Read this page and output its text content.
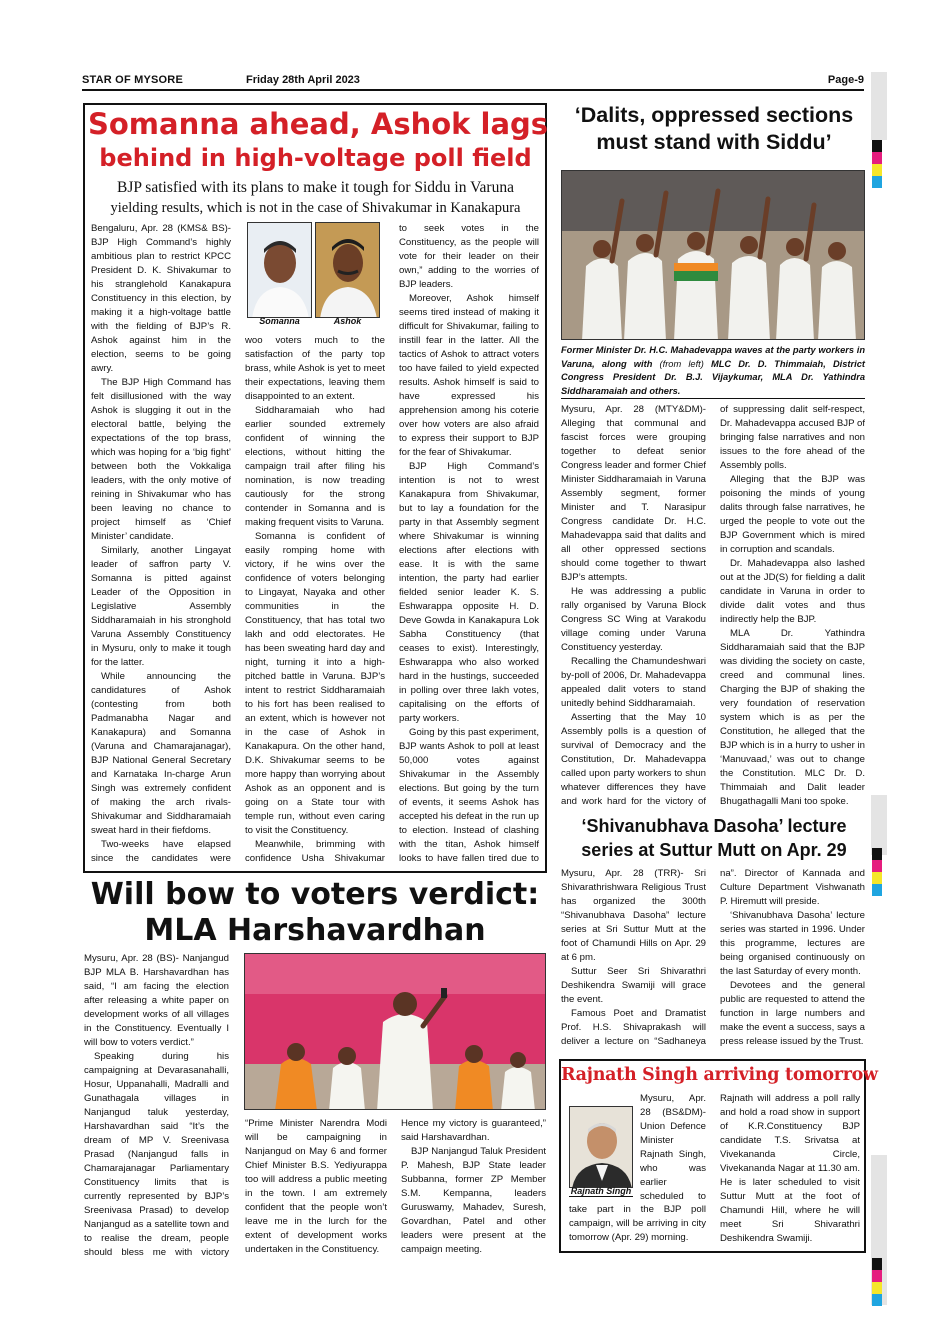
STAR OF MYSORE	Friday 28th April 2023	Page-9
Somanna ahead, Ashok lags
behind in high-voltage poll field
BJP satisfied with its plans to make it tough for Siddu in Varuna
yielding results, which is not in the case of Shivakumar in Kanakapura
Somanna	Ashok

Bengaluru, Apr. 28 (KMS& BS)- BJP High Command’s highly ambitious plan to restrict KPCC President D. K. Shivakumar to his stranglehold Kanakapura Constituency in this election, by making it a high-voltage battle with the fielding of BJP’s R. Ashok against him in the election, seems to be going awry.

The BJP High Command has felt disillusioned with the way Ashok is slugging it out in the electoral battle, belying the expectations of the top brass, which was hoping for a ‘big fight’ between both the Vokkaliga leaders, with the only motive of reining in Shivakumar who has been leaving no chance to project himself as ‘Chief Minister’ candidate.

Similarly, another Lingayat leader of saffron party V. Somanna is pitted against Leader of the Opposition in Legislative Assembly Siddharamaiah in his stronghold Varuna Assembly Constituency in Mysuru, only to make it tough for the latter.

While announcing the candidatures of Ashok (contesting from both Padmanabha Nagar and Kanakapura) and Somanna (Varuna and Chamarajanagar), BJP National General Secretary and Karnataka In-charge Arun Singh was extremely confident of making the arch rivals-Shivakumar and Siddharamaiah sweat hard in their fiefdoms.

Two-weeks have elapsed since the candidates were

woo voters much to the satisfaction of the party top brass, while Ashok is yet to meet their expectations, leaving them disappointed to an extent.

Siddharamaiah who had earlier sounded extremely confident of winning the elections, without hitting the campaign trail after filing his nomination, is now treading cautiously for the strong contender in Somanna and is making frequent visits to Varuna.

Somanna is confident of easily romping home with victory, if he wins over the confidence of voters belonging to Lingayat, Nayaka and other communities in the Constituency, that has total two lakh and odd electorates. He has been sweating hard day and night, turning it into a high-pitched battle in Varuna. BJP’s intent to restrict Siddharamaiah to his fort has been realised to an extent, which is however not in the case of Ashok in Kanakapura. On the other hand, D.K. Shivakumar seems to be more happy than worrying about Ashok as an opponent and is going on a State tour with temple run, without even caring to visit the Constituency.

Meanwhile, brimming with confidence Usha Shivakumar

to seek votes in the Constituency, as the people will vote for their leader on their own,” adding to the worries of BJP leaders.

Moreover, Ashok himself seems tired instead of making it difficult for Shivakumar, failing to instill fear in the latter. All the tactics of Ashok to attract voters too have failed to yield expected results. Ashok himself is said to have expressed his apprehension among his coterie over how voters are also afraid to express their support to BJP for the fear of Shivakumar.

BJP High Command’s intention is not to wrest Kanakapura from Shivakumar, but to lay a foundation for the party in that Assembly segment where Shivakumar is winning elections after elections with ease. It is with the same intention, the party had earlier fielded senior leader K. S. Eshwarappa opposite H. D. Deve Gowda in Kanakapura Lok Sabha Constituency (that ceases to exist). Interestingly, Eshwarappa who also worked hard in the hustings, succeeded in polling over three lakh votes, capitalising on the efforts of party workers.

Going by this past experiment, BJP wants Ashok to poll at least 50,000 votes against Shivakumar in the Assembly elections. But going by the turn of events, it seems Ashok has accepted his defeat in the run up to election. Instead of clashing with the titan, Ashok himself looks to have fallen tired due to

‘Dalits, oppressed sections
must stand with Siddu’
Former Minister Dr. H.C. Mahadevappa waves at the party workers in Varuna, along with (from left) MLC Dr. D. Thimmaiah, District Congress President Dr. B.J. Vijaykumar, MLA Dr. Yathindra Siddharamaiah and others.

Mysuru, Apr. 28 (MTY&DM)- Alleging that communal and fascist forces were grouping together to defeat senior Congress leader and former Chief Minister Siddharamaiah in Varuna Assembly segment, former Minister and T. Narasipur Congress candidate Dr. H.C. Mahadevappa said that dalits and all other oppressed sections should come together to thwart BJP’s attempts.

He was addressing a public rally organised by Varuna Block Congress SC Wing at Varakodu village coming under Varuna Constituency yesterday.

Recalling the Chamundeshwari by-poll of 2006, Dr. Mahadevappa appealed dalit voters to stand unitedly behind Siddharamaiah.

Asserting that the May 10 Assembly polls is a question of survival of Democracy and the Constitution, Dr. Mahadevappa called upon party workers to shun whatever differences they have and work hard for the victory of

of suppressing dalit self-respect, Dr. Mahadevappa accused BJP of bringing false narratives and non issues to the fore ahead of the Assembly polls.

Alleging that the BJP was poisoning the minds of young dalits through false narratives, he urged the people to vote out the BJP Government which is mired in corruption and scandals.

Dr. Mahadevappa also lashed out at the JD(S) for fielding a dalit candidate in Varuna in order to divide dalit votes and thus indirectly help the BJP.

MLA Dr. Yathindra Siddharamaiah said that the BJP was dividing the society on caste, creed and communal lines. Charging the BJP of shaking the very foundation of reservation system which is as per the Constitution, he alleged that the BJP which is in a hurry to usher in ‘Manuvaad,’ was out to change the Constitution. MLC Dr. D. Thimmaiah and Dalit leader Bhugathagalli Mani too spoke.

‘Shivanubhava Dasoha’ lecture
series at Suttur Mutt on Apr. 29

Mysuru, Apr. 28 (TRR)- Sri Shivarathrishwara Religious Trust has organized the 300th “Shivanubhava Dasoha” lecture series at Sri Suttur Mutt at the foot of Chamundi Hills on Apr. 29 at 6 pm.

Suttur Seer Sri Shivarathri Deshikendra Swamiji will grace the event.

Famous Poet and Dramatist Prof. H.S. Shivaprakash will deliver a lecture on “Sadhaneya

na”. Director of Kannada and Culture Department Vishwanath P. Hiremutt will preside.

‘Shivanubhava Dasoha’ lecture series was started in 1996. Under this programme, lectures are being organised continuously on the last Saturday of every month.

Devotees and the general public are requested to attend the function in large numbers and make the event a success, says a press release issued by the Trust.

Rajnath Singh arriving tomorrow
Rajnath Singh
Mysuru, Apr. 28 (BS&DM)- Union Defence Minister Rajnath Singh, who was earlier scheduled to

take part in the BJP poll campaign, will be arriving in city tomorrow (Apr. 29) morning.

Rajnath will address a poll rally and hold a road show in support of K.R.Constituency BJP candidate T.S. Srivatsa at Vivekananda Circle, Vivekananda Nagar at 11.30 am. He is later scheduled to visit Suttur Mutt at the foot of Chamundi Hill, where he will meet Sri Shivarathri Deshikendra Swamiji.

Will bow to voters verdict:
MLA Harshavardhan

Mysuru, Apr. 28 (BS)- Nanjangud BJP MLA B. Harshavardhan has said, “I am facing the election after releasing a white paper on development works of all villages in the Constituency. Eventually I will bow to voters verdict.”

Speaking during his campaigning at Devarasanahalli, Hosur, Uppanahalli, Madralli and Gunathagala villages in Nanjangud taluk yesterday, Harshavardhan said “It’s the dream of MP V. Sreenivasa Prasad (Nanjangud falls in Chamarajanagar Parliamentary Constituency limits that is currently represented by BJP’s Sreenivasa Prasad) to develop Nanjangud as a satellite town and to realise the dream, people should bless me with victory

“Prime Minister Narendra Modi will be campaigning in Nanjangud on May 6 and former Chief Minister B.S. Yediyurappa too will address a public meeting in the town. I am extremely confident that the people won’t leave me in the lurch for the extent of development works undertaken in the Constituency.

Hence my victory is guaranteed,” said Harshavardhan.

BJP Nanjangud Taluk President P. Mahesh, BJP State leader Subbanna, former ZP Member S.M. Kempanna, leaders Guruswamy, Mahadev, Suresh, Govardhan, Patel and other leaders were present at the campaign meeting.
